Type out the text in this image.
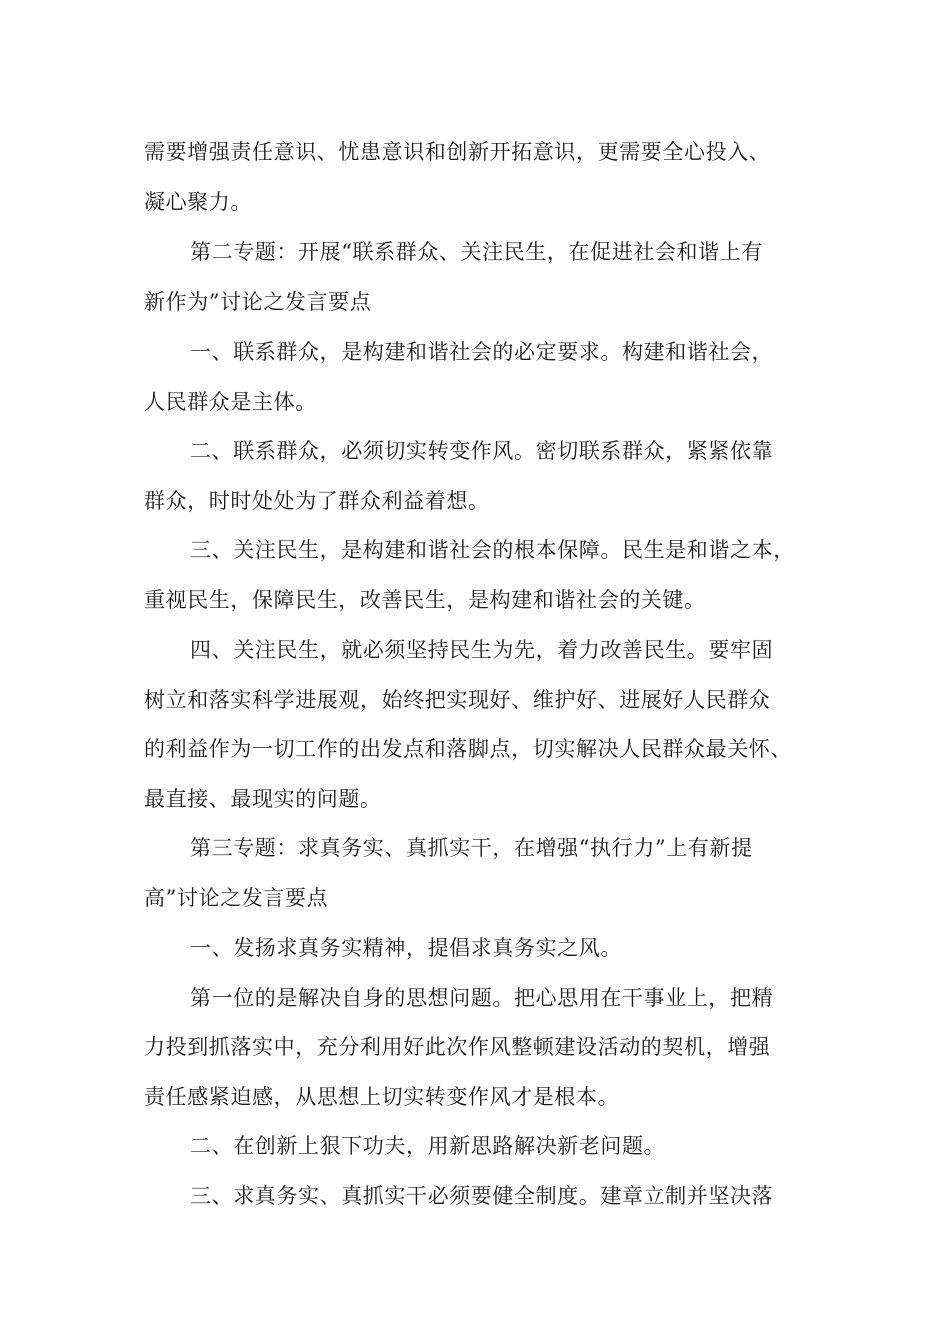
需要增强责任意识、忧患意识和创新开拓意识，更需要全心投入、
凝心聚力。
第二专题：开展“联系群众、关注民生，在促进社会和谐上有
新作为”讨论之发言要点
一、联系群众，是构建和谐社会的必定要求。构建和谐社会，
人民群众是主体。
二、联系群众，必须切实转变作风。密切联系群众，紧紧依靠
群众，时时处处为了群众利益着想。
三、关注民生，是构建和谐社会的根本保障。民生是和谐之本，
重视民生，保障民生，改善民生，是构建和谐社会的关键。
四、关注民生，就必须坚持民生为先，着力改善民生。要牢固
树立和落实科学进展观，始终把实现好、维护好、进展好人民群众
的利益作为一切工作的出发点和落脚点，切实解决人民群众最关怀、
最直接、最现实的问题。
第三专题：求真务实、真抓实干，在增强“执行力”上有新提
高”讨论之发言要点
一、发扬求真务实精神，提倡求真务实之风。
第一位的是解决自身的思想问题。把心思用在干事业上，把精
力投到抓落实中，充分利用好此次作风整顿建设活动的契机，增强
责任感紧迫感，从思想上切实转变作风才是根本。
二、在创新上狠下功夫，用新思路解决新老问题。
三、求真务实、真抓实干必须要健全制度。建章立制并坚决落
